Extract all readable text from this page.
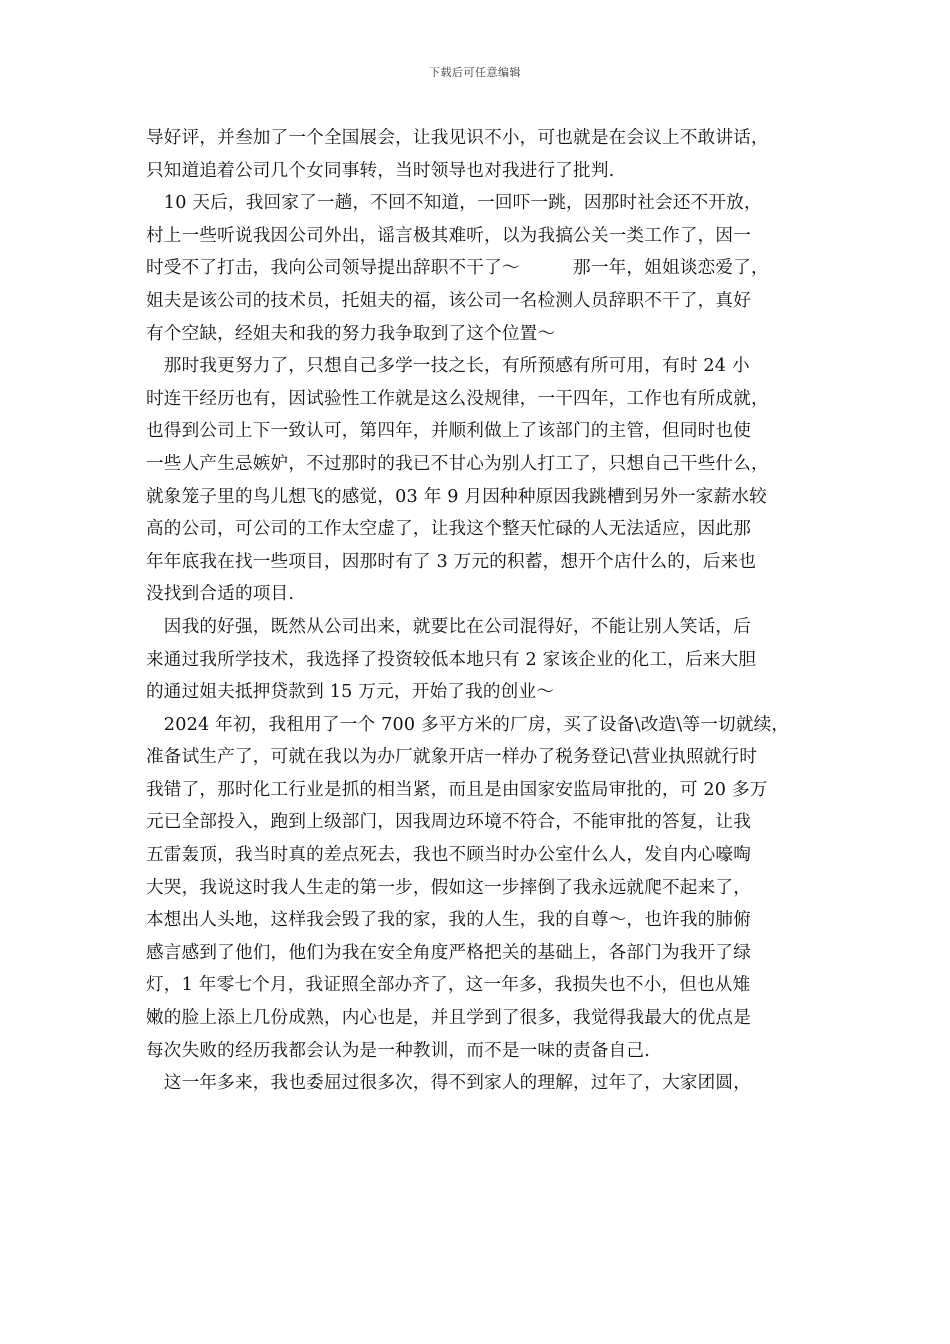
下载后可任意编辑
导好评，并叁加了一个全国展会，让我见识不小，可也就是在会议上不敢讲话，
只知道追着公司几个女同事转，当时领导也对我进行了批判.
　10 天后，我回家了一趟，不回不知道，一回吓一跳，因那时社会还不开放，
村上一些听说我因公司外出，谣言极其难听，以为我搞公关一类工作了，因一
时受不了打击，我向公司领导提出辞职不干了～　　　那一年，姐姐谈恋爱了，
姐夫是该公司的技术员，托姐夫的福，该公司一名检测人员辞职不干了，真好
有个空缺，经姐夫和我的努力我争取到了这个位置～
　那时我更努力了，只想自己多学一技之长，有所预感有所可用，有时 24 小
时连干经历也有，因试验性工作就是这么没规律，一干四年，工作也有所成就，
也得到公司上下一致认可，第四年，并顺利做上了该部门的主管，但同时也使
一些人产生忌嫉妒，不过那时的我已不甘心为别人打工了，只想自己干些什么，
就象笼子里的鸟儿想飞的感觉，03 年 9 月因种种原因我跳槽到另外一家薪水较
高的公司，可公司的工作太空虚了，让我这个整天忙碌的人无法适应，因此那
年年底我在找一些项目，因那时有了 3 万元的积蓄，想开个店什么的，后来也
没找到合适的项目.
　因我的好强，既然从公司出来，就要比在公司混得好，不能让别人笑话，后
来通过我所学技术，我选择了投资较低本地只有 2 家该企业的化工，后来大胆
的通过姐夫抵押贷款到 15 万元，开始了我的创业～
　2024 年初，我租用了一个 700 多平方米的厂房，买了设备\改造\等一切就续，
准备试生产了，可就在我以为办厂就象开店一样办了税务登记\营业执照就行时
我错了，那时化工行业是抓的相当紧，而且是由国家安监局审批的，可 20 多万
元已全部投入，跑到上级部门，因我周边环境不符合，不能审批的答复，让我
五雷轰顶，我当时真的差点死去，我也不顾当时办公室什么人，发自内心嚎啕
大哭，我说这时我人生走的第一步，假如这一步摔倒了我永远就爬不起来了，
本想出人头地，这样我会毁了我的家，我的人生，我的自尊～，也许我的肺俯
感言感到了他们，他们为我在安全角度严格把关的基础上，各部门为我开了绿
灯，1 年零七个月，我证照全部办齐了，这一年多，我损失也不小，但也从雉
嫩的脸上添上几份成熟，内心也是，并且学到了很多，我觉得我最大的优点是
每次失败的经历我都会认为是一种教训，而不是一味的责备自己.
　这一年多来，我也委屈过很多次，得不到家人的理解，过年了，大家团圆，
